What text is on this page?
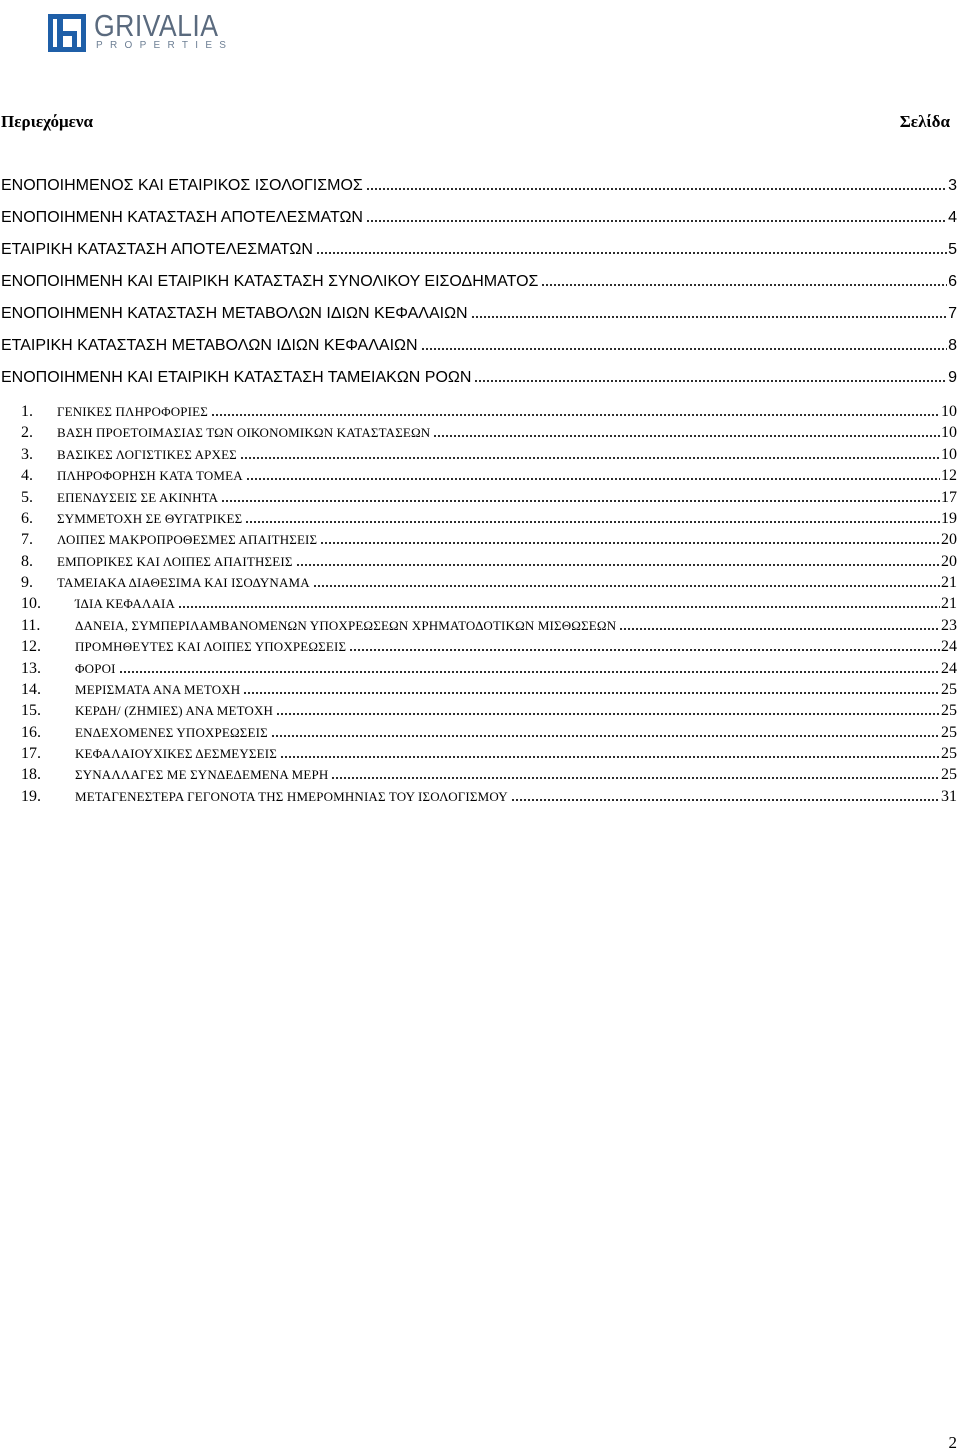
GRIVALIA
PROPERTIES
Περιεχόμενα	Σελίδα
ΕΝΟΠΟΙΗΜΕΝΟΣ ΚΑΙ ΕΤΑΙΡΙΚΟΣ ΙΣΟΛΟΓΙΣΜΟΣ	3
ΕΝΟΠΟΙΗΜΕΝΗ ΚΑΤΑΣΤΑΣΗ ΑΠΟΤΕΛΕΣΜΑΤΩΝ	4
ΕΤΑΙΡΙΚΗ ΚΑΤΑΣΤΑΣΗ ΑΠΟΤΕΛΕΣΜΑΤΩΝ	5
ΕΝΟΠΟΙΗΜΕΝΗ ΚΑΙ ΕΤΑΙΡΙΚΗ ΚΑΤΑΣΤΑΣΗ ΣΥΝΟΛΙΚΟΥ ΕΙΣΟΔΗΜΑΤΟΣ	6
ΕΝΟΠΟΙΗΜΕΝΗ ΚΑΤΑΣΤΑΣΗ ΜΕΤΑΒΟΛΩΝ ΙΔΙΩΝ ΚΕΦΑΛΑΙΩΝ	7
ΕΤΑΙΡΙΚΗ ΚΑΤΑΣΤΑΣΗ ΜΕΤΑΒΟΛΩΝ ΙΔΙΩΝ ΚΕΦΑΛΑΙΩΝ	8
ΕΝΟΠΟΙΗΜΕΝΗ ΚΑΙ ΕΤΑΙΡΙΚΗ ΚΑΤΑΣΤΑΣΗ ΤΑΜΕΙΑΚΩΝ ΡΟΩΝ	9
1.	ΓΕΝΙΚΕΣ ΠΛΗΡΟΦΟΡΙΕΣ	10
2.	ΒΑΣΗ ΠΡΟΕΤΟΙΜΑΣΙΑΣ ΤΩΝ ΟΙΚΟΝΟΜΙΚΩΝ ΚΑΤΑΣΤΑΣΕΩΝ	10
3.	ΒΑΣΙΚΕΣ ΛΟΓΙΣΤΙΚΕΣ ΑΡΧΕΣ	10
4.	ΠΛΗΡΟΦΟΡΗΣΗ ΚΑΤΑ ΤΟΜΕΑ	12
5.	ΕΠΕΝΔΥΣΕΙΣ ΣΕ ΑΚΙΝΗΤΑ	17
6.	ΣΥΜΜΕΤΟΧΗ ΣΕ ΘΥΓΑΤΡΙΚΕΣ	19
7.	ΛΟΙΠΕΣ ΜΑΚΡΟΠΡΟΘΕΣΜΕΣ ΑΠΑΙΤΗΣΕΙΣ	20
8.	ΕΜΠΟΡΙΚΕΣ ΚΑΙ ΛΟΙΠΕΣ ΑΠΑΙΤΗΣΕΙΣ	20
9.	ΤΑΜΕΙΑΚΑ ΔΙΑΘΕΣΙΜΑ ΚΑΙ ΙΣΟΔΥΝΑΜΑ	21
10.	ΊΔΙΑ ΚΕΦΑΛΑΙΑ	21
11.	ΔΑΝΕΙΑ, ΣΥΜΠΕΡΙΛΑΜΒΑΝΟΜΕΝΩΝ ΥΠΟΧΡΕΩΣΕΩΝ ΧΡΗΜΑΤΟΔΟΤΙΚΩΝ ΜΙΣΘΩΣΕΩΝ	23
12.	ΠΡΟΜΗΘΕΥΤΕΣ ΚΑΙ ΛΟΙΠΕΣ ΥΠΟΧΡΕΩΣΕΙΣ	24
13.	ΦΟΡΟΙ	24
14.	ΜΕΡΙΣΜΑΤΑ ΑΝΑ ΜΕΤΟΧΗ	25
15.	ΚΕΡΔΗ/ (ΖΗΜΙΕΣ) ΑΝΑ ΜΕΤΟΧΗ	25
16.	ΕΝΔΕΧΟΜΕΝΕΣ ΥΠΟΧΡΕΩΣΕΙΣ	25
17.	ΚΕΦΑΛΑΙΟΥΧΙΚΕΣ ΔΕΣΜΕΥΣΕΙΣ	25
18.	ΣΥΝΑΛΛΑΓΕΣ ΜΕ ΣΥΝΔΕΔΕΜΕΝΑ ΜΕΡΗ	25
19.	ΜΕΤΑΓΕΝΕΣΤΕΡΑ ΓΕΓΟΝΟΤΑ ΤΗΣ ΗΜΕΡΟΜΗΝΙΑΣ ΤΟΥ ΙΣΟΛΟΓΙΣΜΟΥ	31
2
